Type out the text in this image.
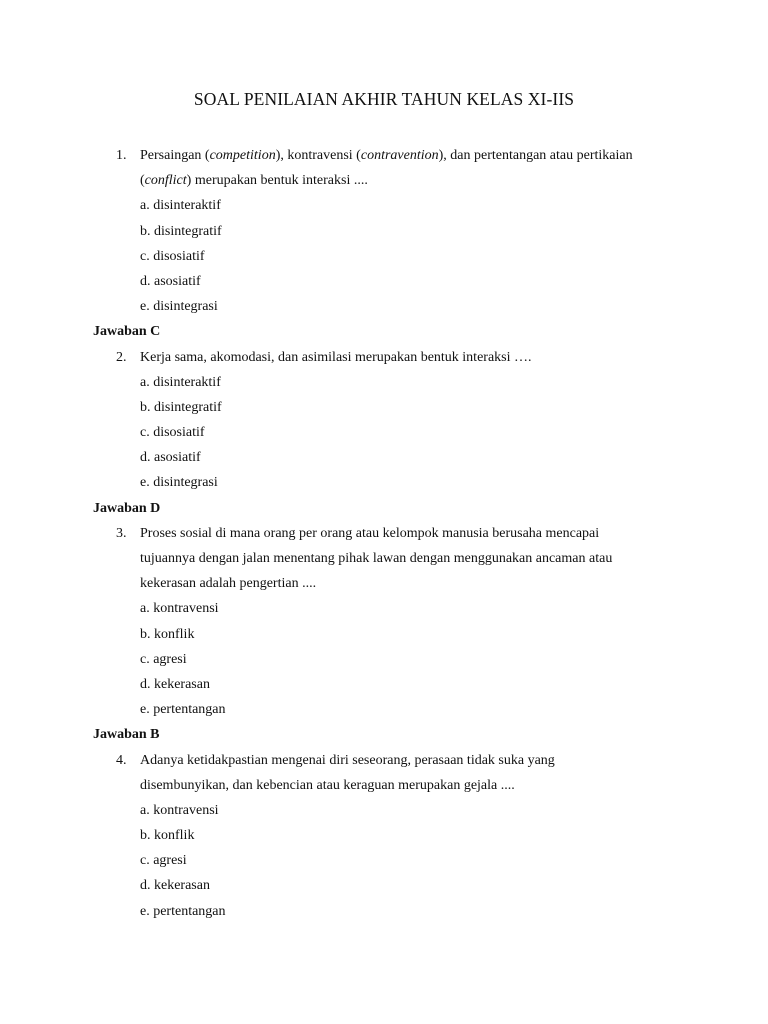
SOAL PENILAIAN AKHIR TAHUN KELAS XI-IIS
1. Persaingan (competition), kontravensi (contravention), dan pertentangan atau pertikaian
(conflict) merupakan bentuk interaksi ....
a. disinteraktif
b. disintegratif
c. disosiatif
d. asosiatif
e. disintegrasi
Jawaban C
2. Kerja sama, akomodasi, dan asimilasi merupakan bentuk interaksi ….
a. disinteraktif
b. disintegratif
c. disosiatif
d. asosiatif
e. disintegrasi
Jawaban D
3. Proses sosial di mana orang per orang atau kelompok manusia berusaha mencapai
tujuannya dengan jalan menentang pihak lawan dengan menggunakan ancaman atau
kekerasan adalah pengertian ....
a. kontravensi
b. konflik
c. agresi
d. kekerasan
e. pertentangan
Jawaban B
4. Adanya ketidakpastian mengenai diri seseorang, perasaan tidak suka yang
disembunyikan, dan kebencian atau keraguan merupakan gejala ....
a. kontravensi
b. konflik
c. agresi
d. kekerasan
e. pertentangan
